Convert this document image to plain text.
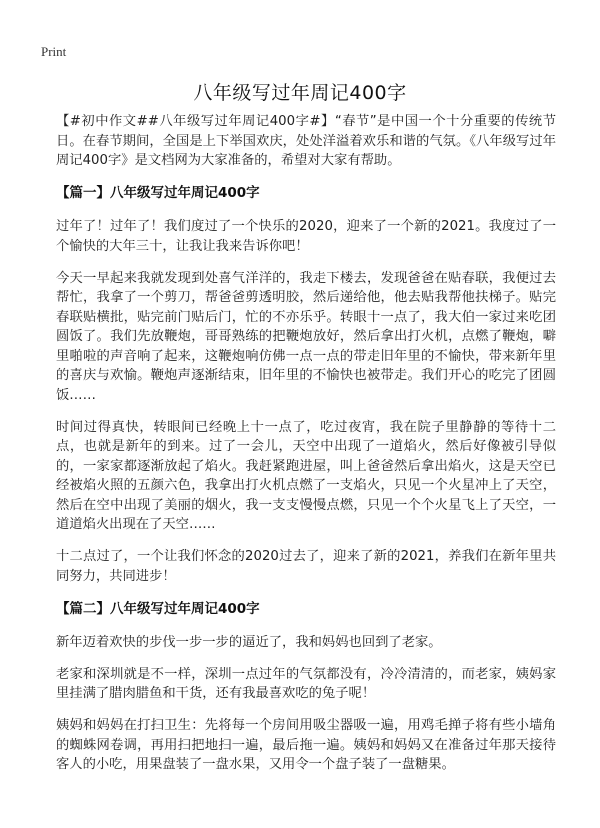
Print
八年级写过年周记400字

【#初中作文##八年级写过年周记400字#】“春节”是中国一个十分重要的传统节日。在春节期间，全国是上下举国欢庆，处处洋溢着欢乐和谐的气氛。《八年级写过年周记400字》是文档网为大家准备的，希望对大家有帮助。

【篇一】八年级写过年周记400字

过年了！过年了！我们度过了一个快乐的2020，迎来了一个新的2021。我度过了一个愉快的大年三十，让我让我来告诉你吧！

今天一早起来我就发现到处喜气洋洋的，我走下楼去，发现爸爸在贴春联，我便过去帮忙，我拿了一个剪刀，帮爸爸剪透明胶，然后递给他，他去贴我帮他扶梯子。贴完春联贴横批，贴完前门贴后门，忙的不亦乐乎。转眼十一点了，我大伯一家过来吃团圆饭了。我们先放鞭炮，哥哥熟练的把鞭炮放好，然后拿出打火机，点燃了鞭炮，噼里啪啦的声音响了起来，这鞭炮响仿佛一点一点的带走旧年里的不愉快，带来新年里的喜庆与欢愉。鞭炮声逐渐结束，旧年里的不愉快也被带走。我们开心的吃完了团圆饭……

时间过得真快，转眼间已经晚上十一点了，吃过夜宵，我在院子里静静的等待十二点，也就是新年的到来。过了一会儿，天空中出现了一道焰火，然后好像被引导似的，一家家都逐渐放起了焰火。我赶紧跑进屋，叫上爸爸然后拿出焰火，这是天空已经被焰火照的五颜六色，我拿出打火机点燃了一支焰火，只见一个火星冲上了天空，然后在空中出现了美丽的烟火，我一支支慢慢点燃，只见一个个火星飞上了天空，一道道焰火出现在了天空……

十二点过了，一个让我们怀念的2020过去了，迎来了新的2021，养我们在新年里共同努力，共同进步！

【篇二】八年级写过年周记400字

新年迈着欢快的步伐一步一步的逼近了，我和妈妈也回到了老家。

老家和深圳就是不一样，深圳一点过年的气氛都没有，冷冷清清的，而老家，姨妈家里挂满了腊肉腊鱼和干货，还有我最喜欢吃的兔子呢！

姨妈和妈妈在打扫卫生：先将每一个房间用吸尘器吸一遍，用鸡毛掸子将有些小墙角的蜘蛛网卷调，再用扫把地扫一遍，最后拖一遍。姨妈和妈妈又在准备过年那天接待客人的小吃，用果盘装了一盘水果，又用令一个盘子装了一盘糖果。
